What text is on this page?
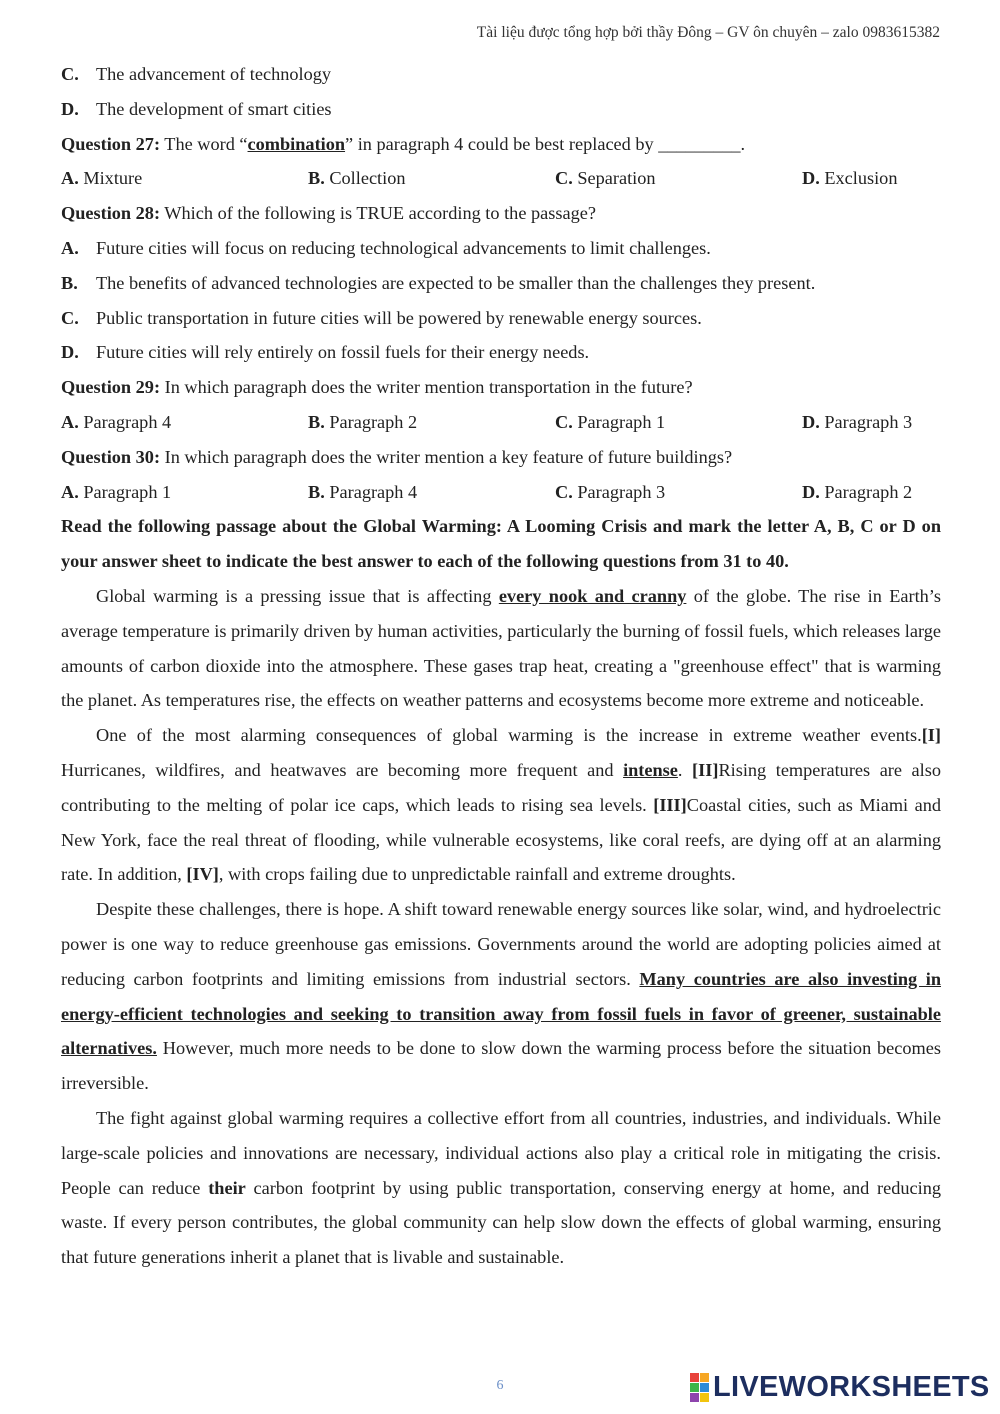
Tài liệu được tổng hợp bởi thầy Đông – GV ôn chuyên – zalo 0983615382
C. The advancement of technology
D. The development of smart cities
Question 27: The word “combination” in paragraph 4 could be best replaced by _________.
A. Mixture	B. Collection	C. Separation	D. Exclusion
Question 28: Which of the following is TRUE according to the passage?
A. Future cities will focus on reducing technological advancements to limit challenges.
B. The benefits of advanced technologies are expected to be smaller than the challenges they present.
C. Public transportation in future cities will be powered by renewable energy sources.
D. Future cities will rely entirely on fossil fuels for their energy needs.
Question 29: In which paragraph does the writer mention transportation in the future?
A. Paragraph 4	B. Paragraph 2	C. Paragraph 1	D. Paragraph 3
Question 30: In which paragraph does the writer mention a key feature of future buildings?
A. Paragraph 1	B. Paragraph 4	C. Paragraph 3	D. Paragraph 2

Read the following passage about the Global Warming: A Looming Crisis and mark the letter A, B, C or D on your answer sheet to indicate the best answer to each of the following questions from 31 to 40.

Global warming is a pressing issue that is affecting every nook and cranny of the globe. The rise in Earth’s average temperature is primarily driven by human activities, particularly the burning of fossil fuels, which releases large amounts of carbon dioxide into the atmosphere. These gases trap heat, creating a "greenhouse effect" that is warming the planet. As temperatures rise, the effects on weather patterns and ecosystems become more extreme and noticeable.

One of the most alarming consequences of global warming is the increase in extreme weather events.[I] Hurricanes, wildfires, and heatwaves are becoming more frequent and intense. [II]Rising temperatures are also contributing to the melting of polar ice caps, which leads to rising sea levels. [III]Coastal cities, such as Miami and New York, face the real threat of flooding, while vulnerable ecosystems, like coral reefs, are dying off at an alarming rate. In addition, [IV], with crops failing due to unpredictable rainfall and extreme droughts.

Despite these challenges, there is hope. A shift toward renewable energy sources like solar, wind, and hydroelectric power is one way to reduce greenhouse gas emissions. Governments around the world are adopting policies aimed at reducing carbon footprints and limiting emissions from industrial sectors. Many countries are also investing in energy-efficient technologies and seeking to transition away from fossil fuels in favor of greener, sustainable alternatives. However, much more needs to be done to slow down the warming process before the situation becomes irreversible.

The fight against global warming requires a collective effort from all countries, industries, and individuals. While large-scale policies and innovations are necessary, individual actions also play a critical role in mitigating the crisis. People can reduce their carbon footprint by using public transportation, conserving energy at home, and reducing waste. If every person contributes, the global community can help slow down the effects of global warming, ensuring that future generations inherit a planet that is livable and sustainable.

6	LIVEWORKSHEETS
